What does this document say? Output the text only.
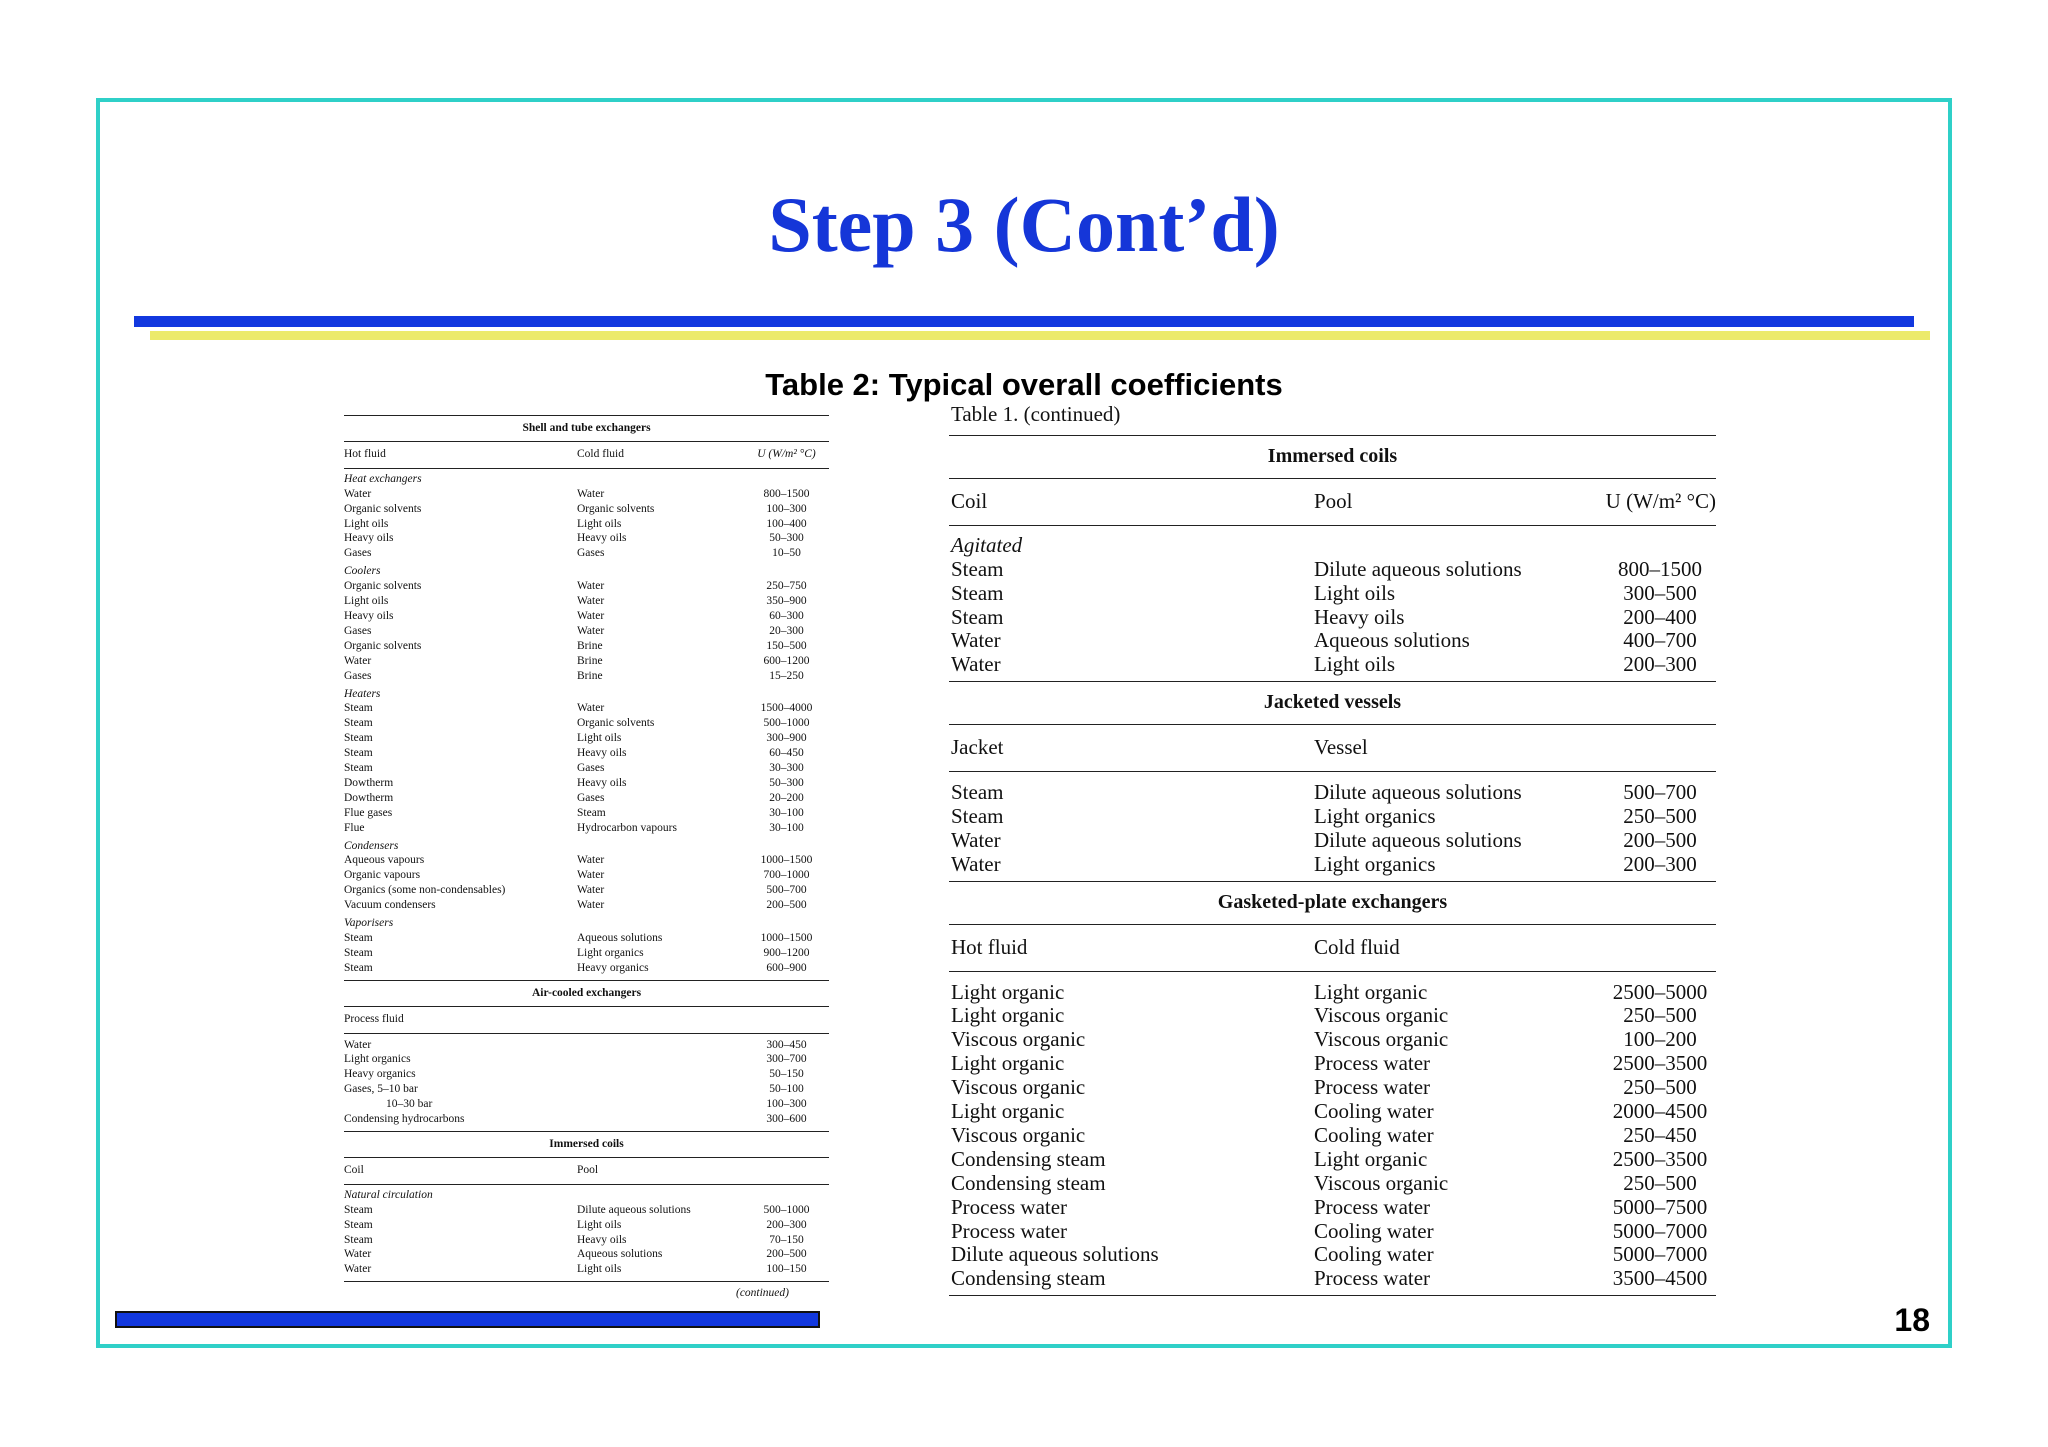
Step 3 (Cont’d)
Table 2: Typical overall coefficients
Shell and tube exchangers
Hot fluid	Cold fluid	U (W/m² °C)
Heat exchangers
Water	Water	800–1500
Organic solvents	Organic solvents	100–300
Light oils	Light oils	100–400
Heavy oils	Heavy oils	50–300
Gases	Gases	10–50
Coolers
Organic solvents	Water	250–750
Light oils	Water	350–900
Heavy oils	Water	60–300
Gases	Water	20–300
Organic solvents	Brine	150–500
Water	Brine	600–1200
Gases	Brine	15–250
Heaters
Steam	Water	1500–4000
Steam	Organic solvents	500–1000
Steam	Light oils	300–900
Steam	Heavy oils	60–450
Steam	Gases	30–300
Dowtherm	Heavy oils	50–300
Dowtherm	Gases	20–200
Flue gases	Steam	30–100
Flue	Hydrocarbon vapours	30–100
Condensers
Aqueous vapours	Water	1000–1500
Organic vapours	Water	700–1000
Organics (some non-condensables)	Water	500–700
Vacuum condensers	Water	200–500
Vaporisers
Steam	Aqueous solutions	1000–1500
Steam	Light organics	900–1200
Steam	Heavy organics	600–900
Air-cooled exchangers
Process fluid
Water	300–450
Light organics	300–700
Heavy organics	50–150
Gases, 5–10 bar	50–100
10–30 bar	100–300
Condensing hydrocarbons	300–600
Immersed coils
Coil	Pool
Natural circulation
Steam	Dilute aqueous solutions	500–1000
Steam	Light oils	200–300
Steam	Heavy oils	70–150
Water	Aqueous solutions	200–500
Water	Light oils	100–150
(continued)
Table 1. (continued)
Immersed coils
Coil	Pool	U (W/m² °C)
Agitated
Steam	Dilute aqueous solutions	800–1500
Steam	Light oils	300–500
Steam	Heavy oils	200–400
Water	Aqueous solutions	400–700
Water	Light oils	200–300
Jacketed vessels
Jacket	Vessel
Steam	Dilute aqueous solutions	500–700
Steam	Light organics	250–500
Water	Dilute aqueous solutions	200–500
Water	Light organics	200–300
Gasketed-plate exchangers
Hot fluid	Cold fluid
Light organic	Light organic	2500–5000
Light organic	Viscous organic	250–500
Viscous organic	Viscous organic	100–200
Light organic	Process water	2500–3500
Viscous organic	Process water	250–500
Light organic	Cooling water	2000–4500
Viscous organic	Cooling water	250–450
Condensing steam	Light organic	2500–3500
Condensing steam	Viscous organic	250–500
Process water	Process water	5000–7500
Process water	Cooling water	5000–7000
Dilute aqueous solutions	Cooling water	5000–7000
Condensing steam	Process water	3500–4500
18
